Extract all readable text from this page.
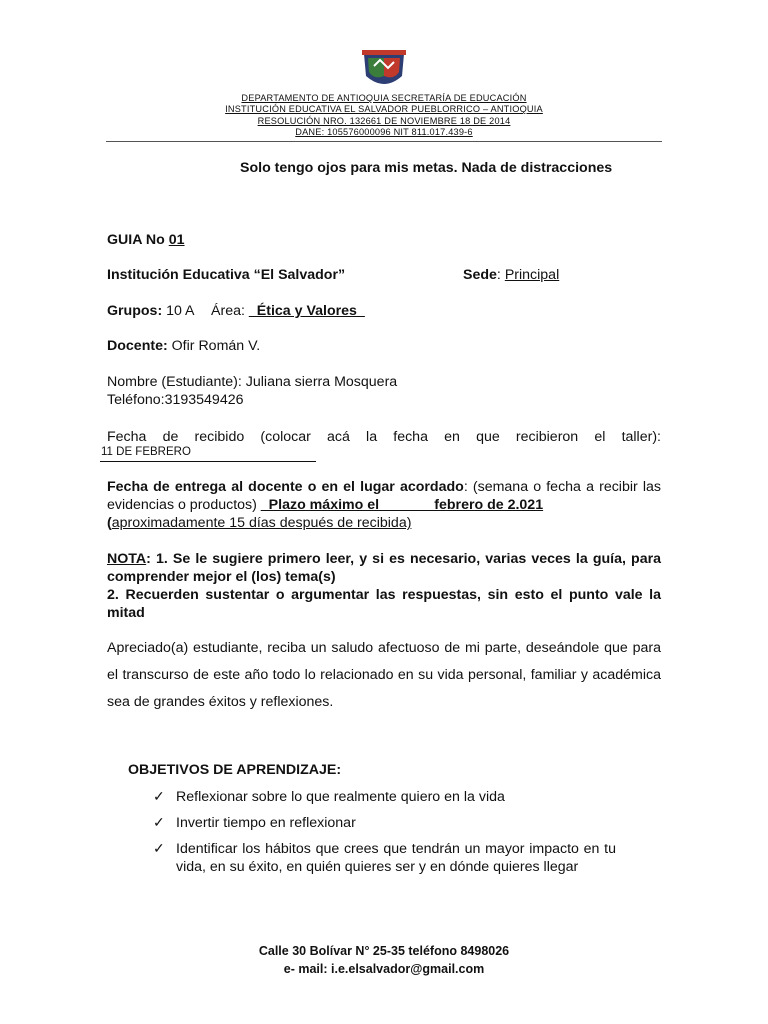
DEPARTAMENTO DE ANTIOQUIA SECRETARÍA DE EDUCACIÓN
INSTITUCIÓN EDUCATIVA EL SALVADOR PUEBLORRICO – ANTIOQUIA
RESOLUCIÓN NRO. 132661 DE NOVIEMBRE 18 DE 2014
DANE: 105576000096 NIT 811.017.439-6
Solo tengo ojos para mis metas. Nada de distracciones
GUIA No 01
Institución Educativa “El Salvador”	Sede: Principal
Grupos: 10 A Área: _Ética y Valores_
Docente: Ofir Román V.
Nombre (Estudiante): Juliana sierra Mosquera
Teléfono:3193549426
Fecha de recibido (colocar acá la fecha en que recibieron el taller):
11 DE FEBRERO
Fecha de entrega al docente o en el lugar acordado: (semana o fecha a recibir las evidencias o productos) _Plazo máximo el              febrero de 2.021
(aproximadamente 15 días después de recibida)
NOTA: 1. Se le sugiere primero leer, y si es necesario, varias veces la guía, para comprender mejor el (los) tema(s)
2. Recuerden sustentar o argumentar las respuestas, sin esto el punto vale la mitad
Apreciado(a) estudiante, reciba un saludo afectuoso de mi parte, deseándole que para el transcurso de este año todo lo relacionado en su vida personal, familiar y académica sea de grandes éxitos y reflexiones.
OBJETIVOS DE APRENDIZAJE:
✓ Reflexionar sobre lo que realmente quiero en la vida
✓ Invertir tiempo en reflexionar
✓ Identificar los hábitos que crees que tendrán un mayor impacto en tu vida, en su éxito, en quién quieres ser y en dónde quieres llegar
Calle 30 Bolívar N° 25-35 teléfono 8498026
e- mail: i.e.elsalvador@gmail.com
